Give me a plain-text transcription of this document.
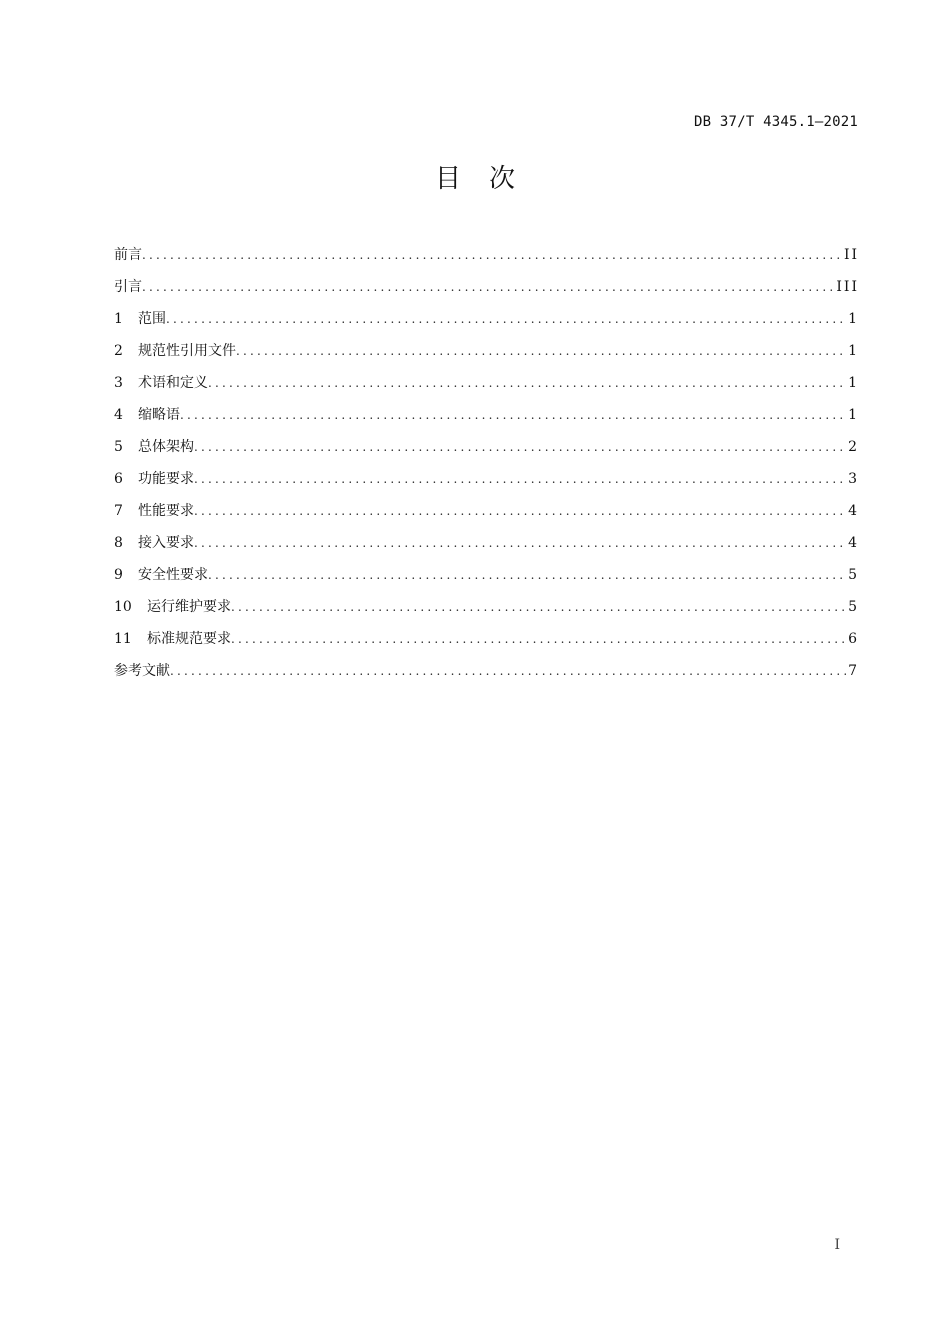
DB 37/T 4345.1—2021
目次
前言 .....	II
引言 .....	III
1	范围 .....	1
2	规范性引用文件 .....	1
3	术语和定义 .....	1
4	缩略语 .....	1
5	总体架构 .....	2
6	功能要求 .....	3
7	性能要求 .....	4
8	接入要求 .....	4
9	安全性要求 .....	5
10	运行维护要求 .....	5
11	标准规范要求 .....	6
参考文献 .....	7
I
